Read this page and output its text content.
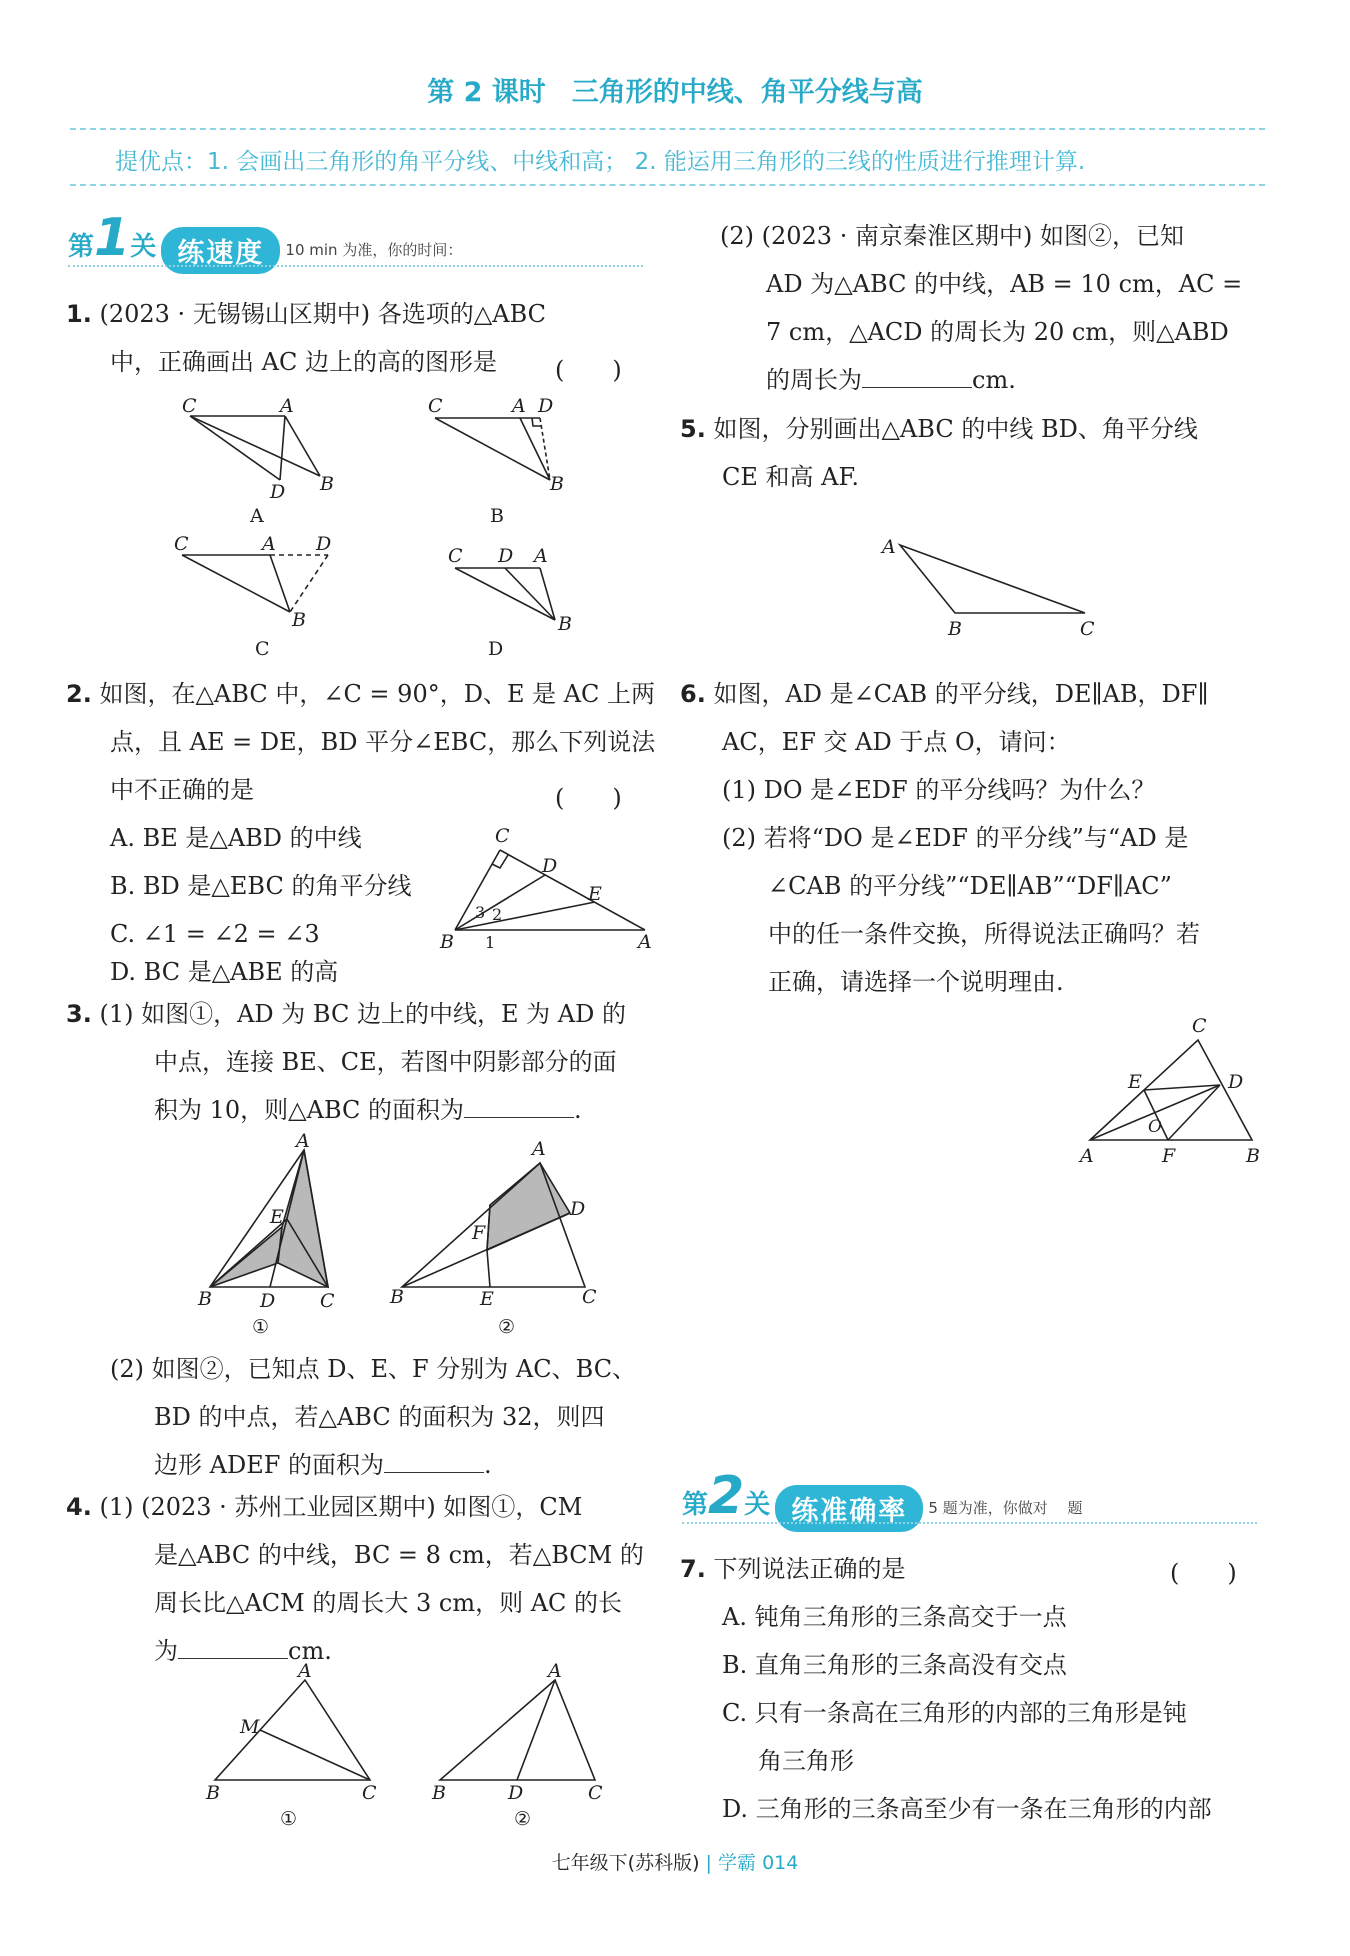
第 2 课时 三角形的中线、角平分线与高
提优点：1. 会画出三角形的角平分线、中线和高； 2. 能运用三角形的三线的性质进行推理计算.
第1关 练速度 10 min 为准，你的时间：
1. (2023 · 无锡锡山区期中) 各选项的△ABC
中，正确画出 AC 边上的高的图形是	(　　)
C	A
D B
A
C	A D
B
B
C	A D
B
C
C D A
B
D
2. 如图，在△ABC 中，∠C = 90°，D、E 是 AC 上两
点，且 AE = DE，BD 平分∠EBC，那么下列说法
中不正确的是
A. BE 是△ABD 的中线
B. BD 是△EBC 的角平分线
C. ∠1 = ∠2 = ∠3
D. BC 是△ABE 的高
(　　)
C
D
E
B	A
3 2
1
3. (1) 如图①，AD 为 BC 边上的中线，E 为 AD 的
中点，连接 BE、CE，若图中阴影部分的面
积为 10，则△ABC 的面积为	.
A
E
B	D C
①
A
D
F
B	E	C
②
(2) 如图②，已知点 D、E、F 分别为 AC、BC、
BD 的中点，若△ABC 的面积为 32，则四
边形 ADEF 的面积为	.
4. (1) (2023 · 苏州工业园区期中) 如图①，CM
是△ABC 的中线，BC = 8 cm，若△BCM 的
周长比△ACM 的周长大 3 cm，则 AC 的长
为	cm.
A
M
B	C
①
A
B	D	C
②
(2) (2023 · 南京秦淮区期中) 如图②，已知
AD 为△ABC 的中线，AB = 10 cm，AC =
7 cm，△ACD 的周长为 20 cm，则△ABD
的周长为	cm.
5. 如图，分别画出△ABC 的中线 BD、角平分线
CE 和高 AF.
A
B	C
6. 如图，AD 是∠CAB 的平分线，DE∥AB，DF∥
AC，EF 交 AD 于点 O，请问：
(1) DO 是∠EDF 的平分线吗？为什么？
(2) 若将“DO 是∠EDF 的平分线”与“AD 是
∠CAB 的平分线”“DE∥AB”“DF∥AC”
中的任一条件交换，所得说法正确吗？若
正确，请选择一个说明理由.
C
E	D
O
A	F	B
第2关 练准确率 5 题为准，你做对　 题
7. 下列说法正确的是
A. 钝角三角形的三条高交于一点
B. 直角三角形的三条高没有交点
C. 只有一条高在三角形的内部的三角形是钝
角三角形
D. 三角形的三条高至少有一条在三角形的内部
(　　)
七年级下(苏科版) | 学霸 014
